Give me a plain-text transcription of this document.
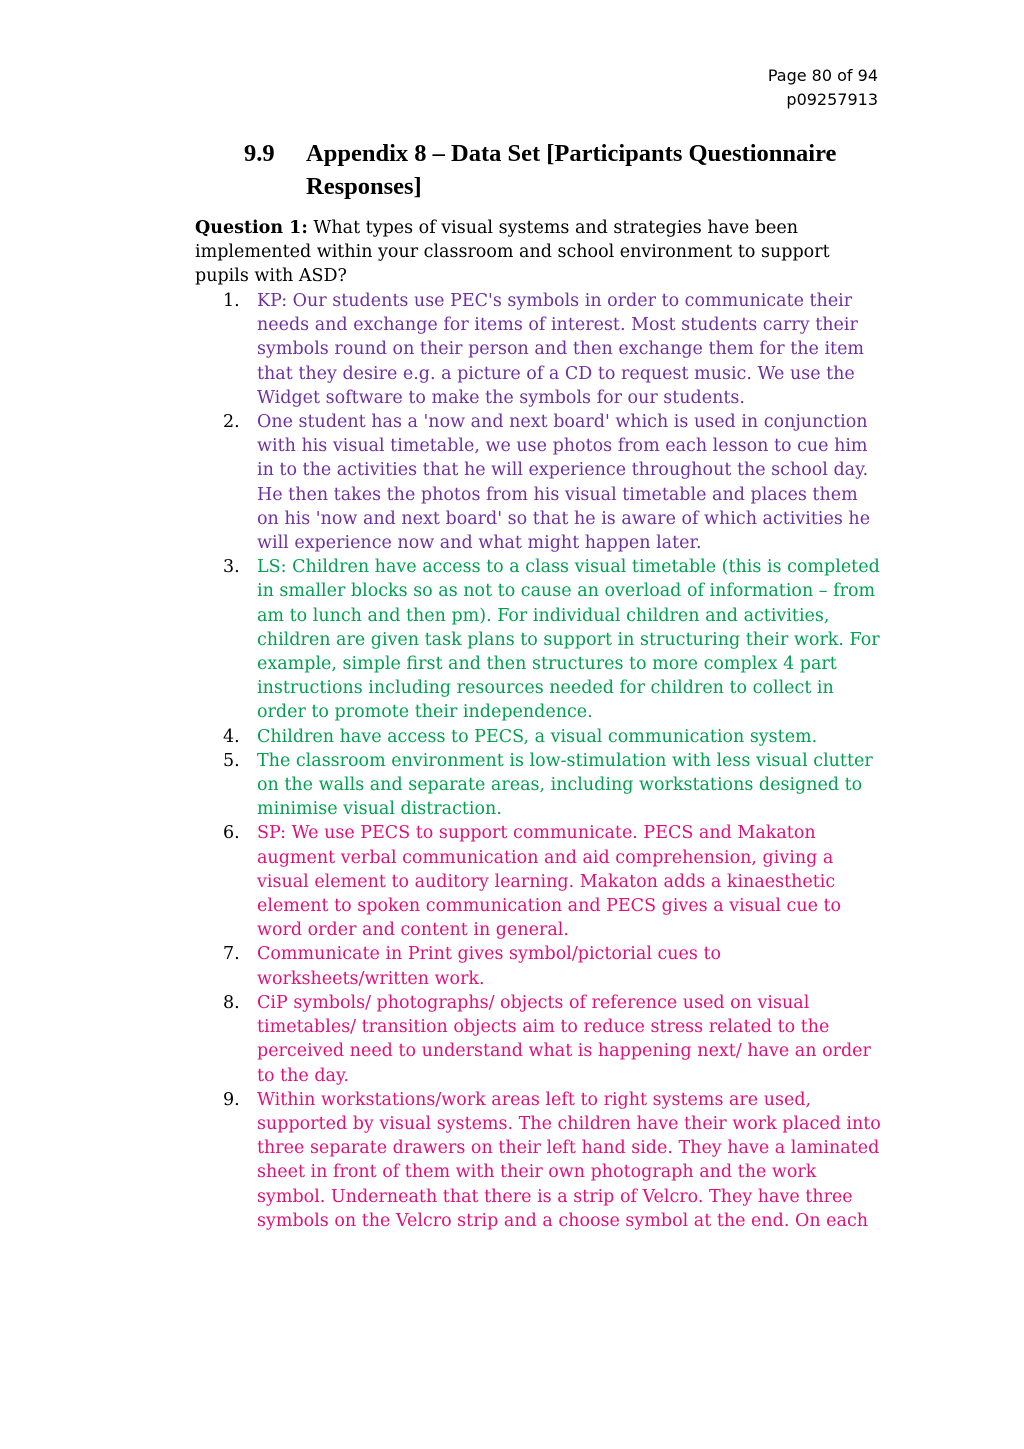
Page 80 of 94
p09257913
9.9 Appendix 8 – Data Set [Participants Questionnaire Responses]

Question 1: What types of visual systems and strategies have been implemented within your classroom and school environment to support pupils with ASD?

1. KP: Our students use PEC's symbols in order to communicate their needs and exchange for items of interest. Most students carry their symbols round on their person and then exchange them for the item that they desire e.g. a picture of a CD to request music. We use the Widget software to make the symbols for our students.
2. One student has a 'now and next board' which is used in conjunction with his visual timetable, we use photos from each lesson to cue him in to the activities that he will experience throughout the school day. He then takes the photos from his visual timetable and places them on his 'now and next board' so that he is aware of which activities he will experience now and what might happen later.
3. LS: Children have access to a class visual timetable (this is completed in smaller blocks so as not to cause an overload of information – from am to lunch and then pm). For individual children and activities, children are given task plans to support in structuring their work. For example, simple first and then structures to more complex 4 part instructions including resources needed for children to collect in order to promote their independence.
4. Children have access to PECS, a visual communication system.
5. The classroom environment is low-stimulation with less visual clutter on the walls and separate areas, including workstations designed to minimise visual distraction.
6. SP: We use PECS to support communicate. PECS and Makaton augment verbal communication and aid comprehension, giving a visual element to auditory learning. Makaton adds a kinaesthetic element to spoken communication and PECS gives a visual cue to word order and content in general.
7. Communicate in Print gives symbol/pictorial cues to worksheets/written work.
8. CiP symbols/ photographs/ objects of reference used on visual timetables/ transition objects aim to reduce stress related to the perceived need to understand what is happening next/ have an order to the day.
9. Within workstations/work areas left to right systems are used, supported by visual systems. The children have their work placed into three separate drawers on their left hand side. They have a laminated sheet in front of them with their own photograph and the work symbol. Underneath that there is a strip of Velcro. They have three symbols on the Velcro strip and a choose symbol at the end. On each
